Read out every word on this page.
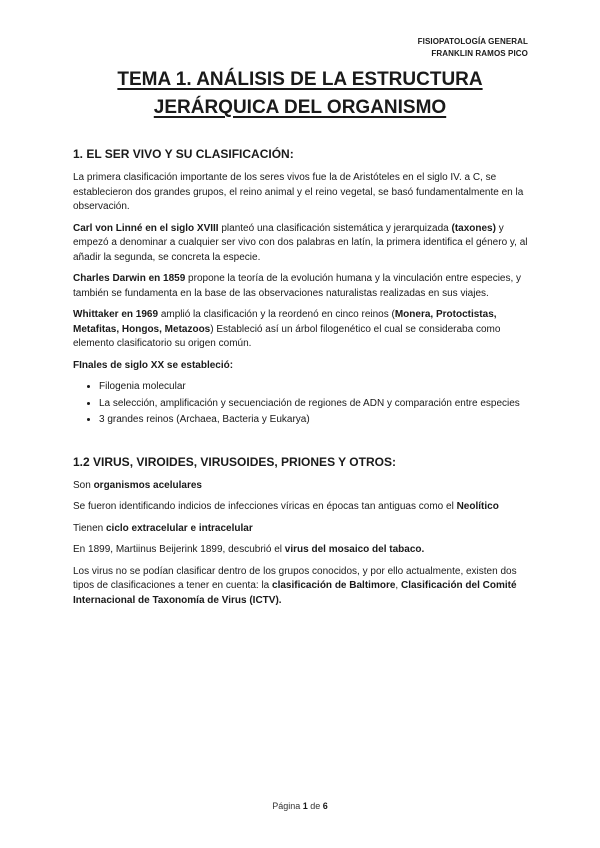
FISIOPATOLOGÍA GENERAL
FRANKLIN RAMOS PICO
TEMA 1. ANÁLISIS DE LA ESTRUCTURA
JERÁRQUICA DEL ORGANISMO
1. EL SER VIVO Y SU CLASIFICACIÓN:

La primera clasificación importante de los seres vivos fue la de Aristóteles en el siglo IV. a C, se establecieron dos grandes grupos, el reino animal y el reino vegetal, se basó fundamentalmente en la observación.

Carl von Linné en el siglo XVIII planteó una clasificación sistemática y jerarquizada (taxones) y empezó a denominar a cualquier ser vivo con dos palabras en latín, la primera identifica el género y, al añadir la segunda, se concreta la especie.

Charles Darwin en 1859 propone la teoría de la evolución humana y la vinculación entre especies, y también se fundamenta en la base de las observaciones naturalistas realizadas en sus viajes.

Whittaker en 1969 amplió la clasificación y la reordenó en cinco reinos (Monera, Protoctistas, Metafitas, Hongos, Metazoos) Estableció así un árbol filogenético el cual se consideraba como elemento clasificatorio su origen común.

FInales de siglo XX se estableció:

• Filogenia molecular
• La selección, amplificación y secuenciación de regiones de ADN y comparación entre especies
• 3 grandes reinos (Archaea, Bacteria y Eukarya)
1.2 VIRUS, VIROIDES, VIRUSOIDES, PRIONES Y OTROS:

Son organismos acelulares

Se fueron identificando indicios de infecciones víricas en épocas tan antiguas como el Neolítico

Tienen ciclo extracelular e intracelular

En 1899, Martiinus Beijerink 1899, descubrió el virus del mosaico del tabaco.

Los virus no se podían clasificar dentro de los grupos conocidos, y por ello actualmente, existen dos tipos de clasificaciones a tener en cuenta: la clasificación de Baltimore, Clasificación del Comité Internacional de Taxonomía de Virus (ICTV).

Página 1 de 6
